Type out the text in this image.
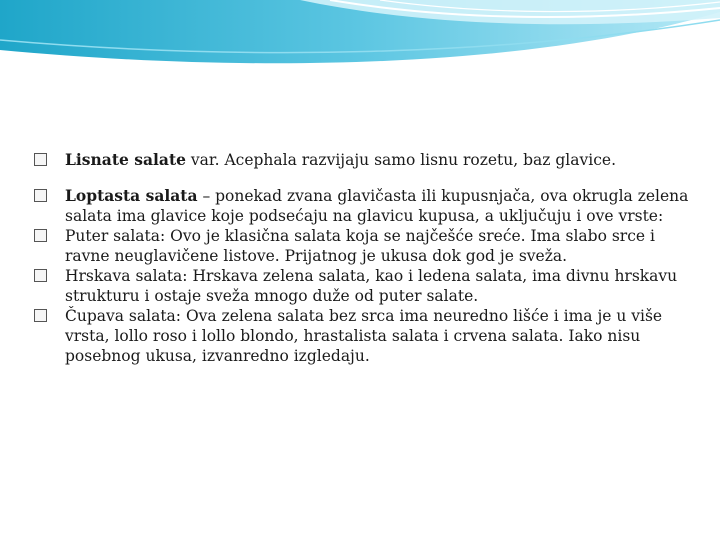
Lisnate salate var. Acephala razvijaju samo lisnu rozetu, baz glavice.
Loptasta salata – ponekad zvana glavičasta ili kupusnjača, ova okrugla zelena salata ima glavice koje podsećaju na glavicu kupusa, a uključuju i ove vrste:
Puter salata: Ovo je klasična salata koja se najčešće sreće. Ima slabo srce i ravne neuglavičene listove. Prijatnog je ukusa dok god je sveža.
Hrskava salata: Hrskava zelena salata, kao i ledena salata, ima divnu hrskavu strukturu i ostaje sveža mnogo duže od puter salate.
Čupava salata: Ova zelena salata bez srca ima neuredno lišće i ima je u više vrsta, lollo roso i lollo blondo, hrastalista salata i crvena salata. Iako nisu posebnog ukusa, izvanredno izgledaju.
